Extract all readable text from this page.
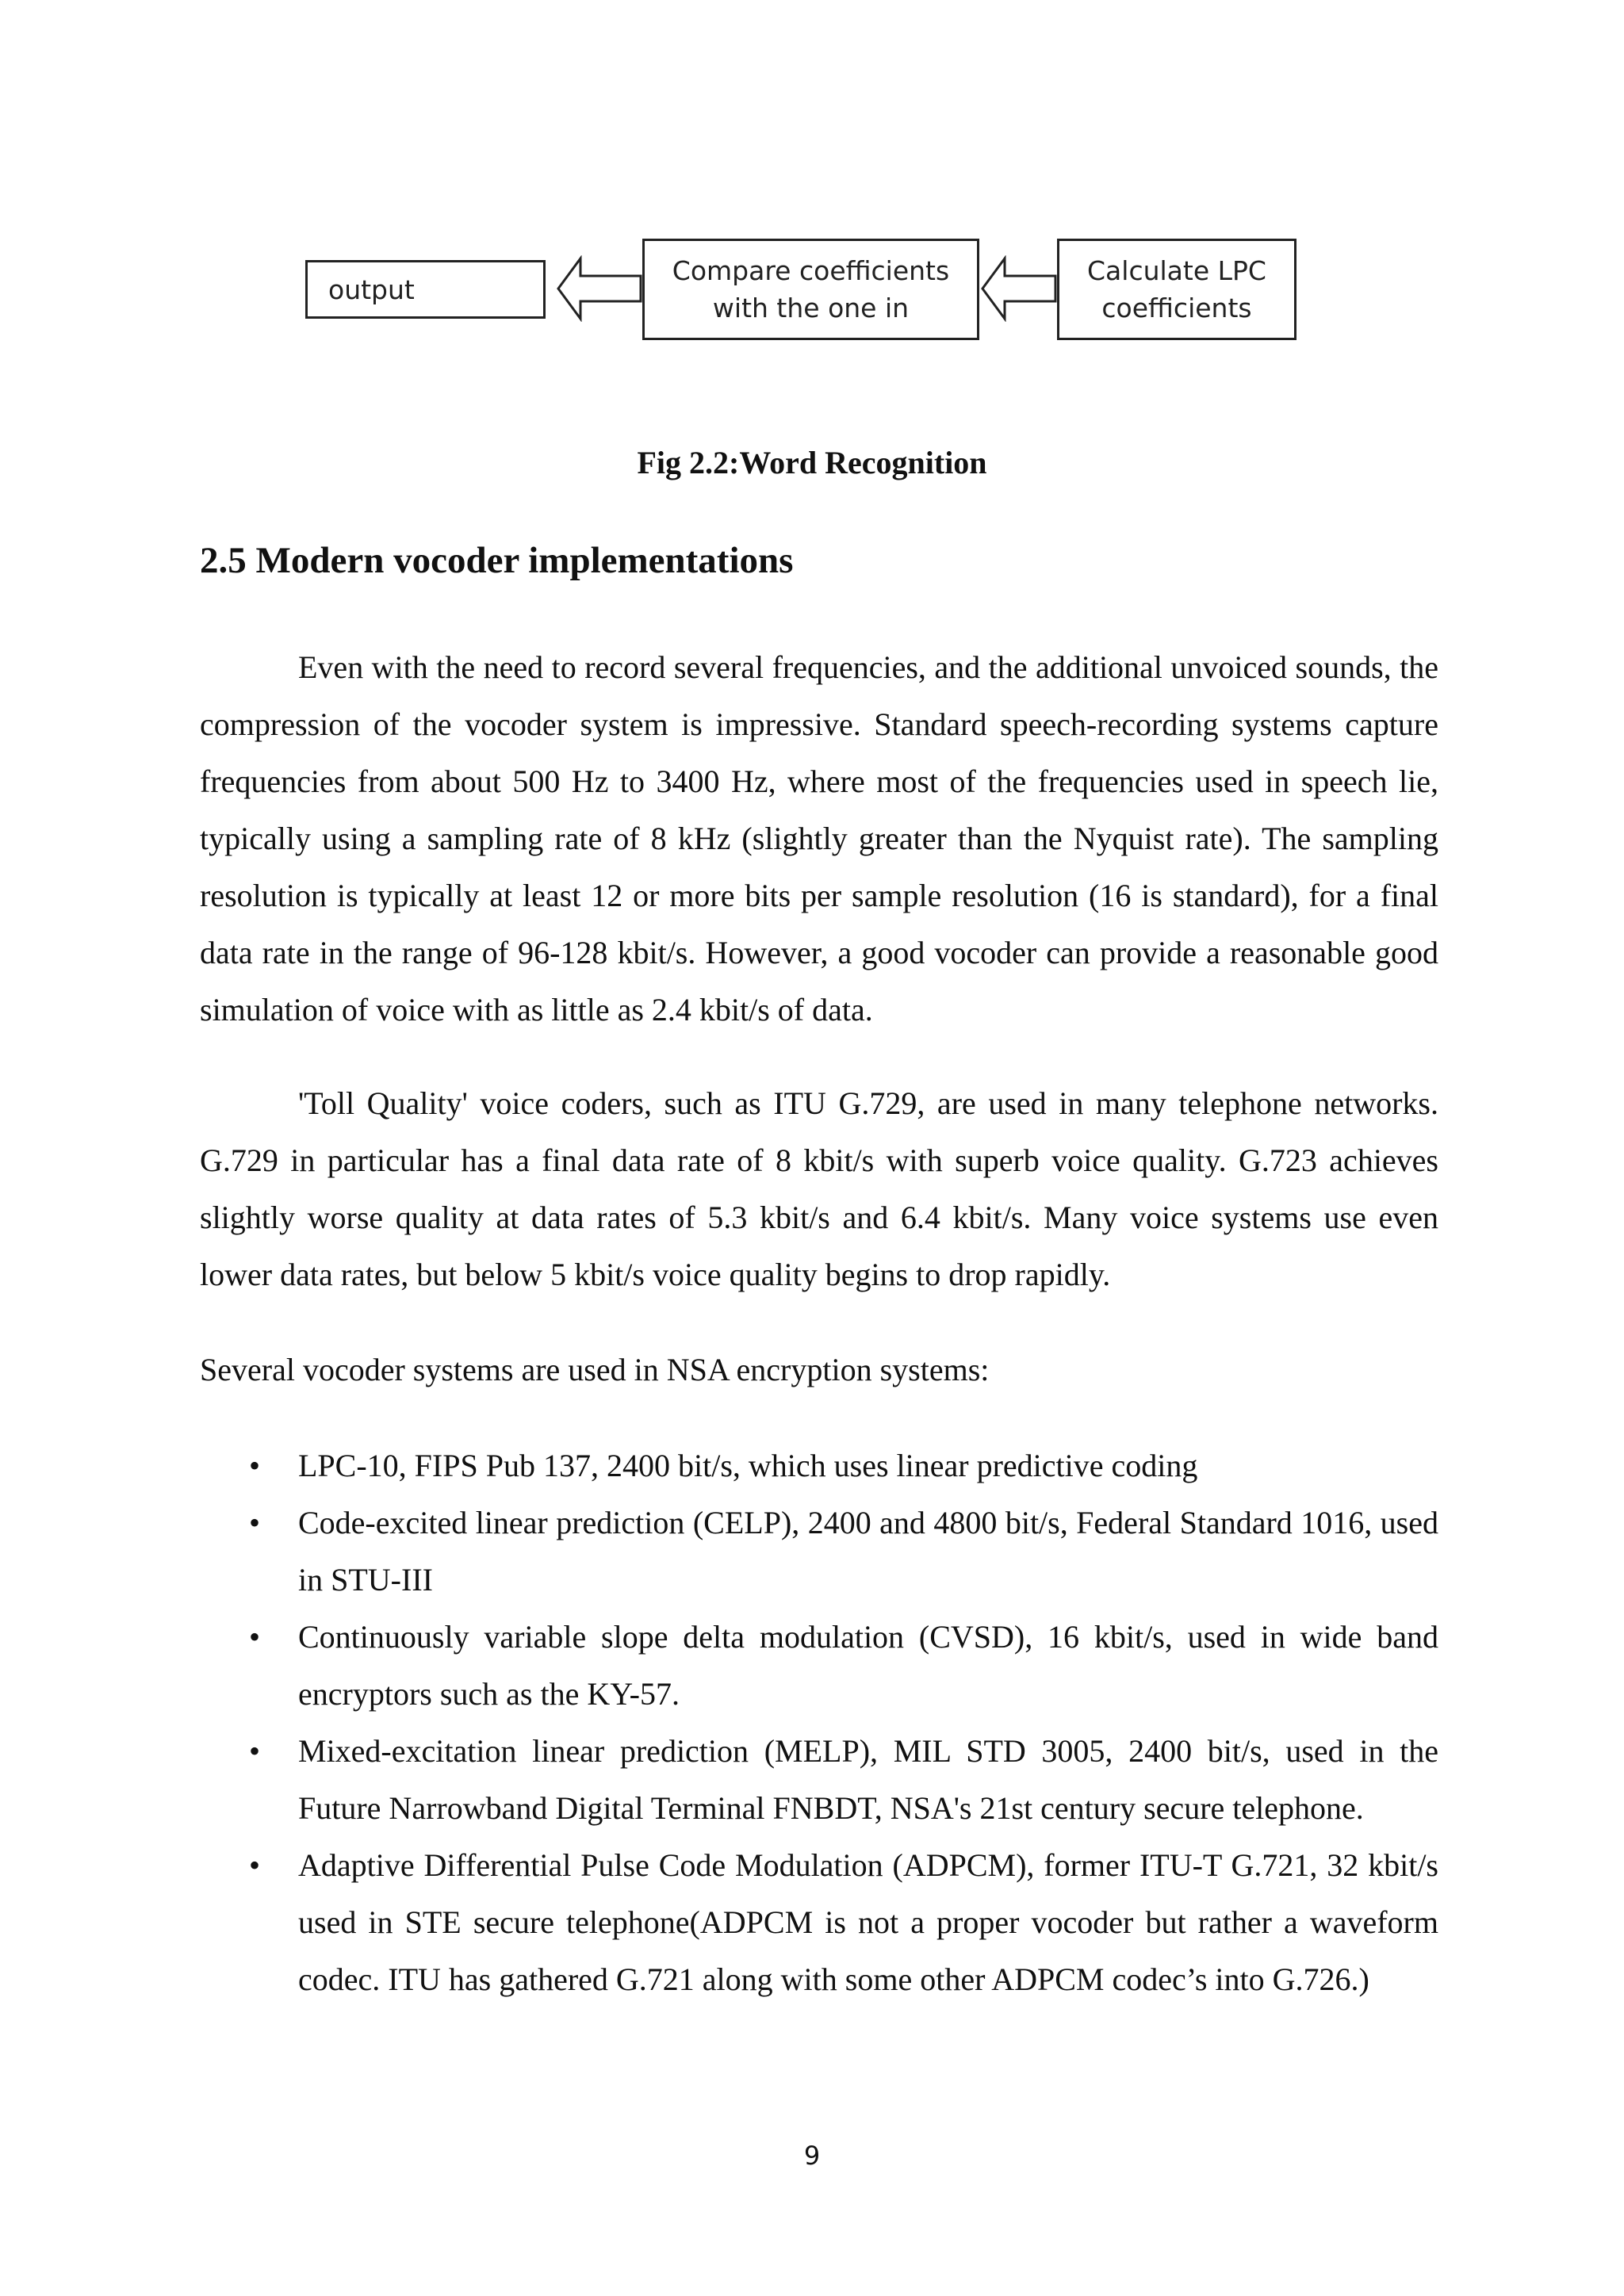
output
Compare coefficients
with the one in
Calculate LPC
coefficients
Fig 2.2:Word Recognition
2.5 Modern vocoder implementations

Even with the need to record several frequencies, and the additional unvoiced sounds, the compression of the vocoder system is impressive. Standard speech-recording systems capture frequencies from about 500 Hz to 3400 Hz, where most of the frequencies used in speech lie, typically using a sampling rate of 8 kHz (slightly greater than the Nyquist rate). The sampling resolution is typically at least 12 or more bits per sample resolution (16 is standard), for a final data rate in the range of 96-128 kbit/s. However, a good vocoder can provide a reasonable good simulation of voice with as little as 2.4 kbit/s of data.

'Toll Quality' voice coders, such as ITU G.729, are used in many telephone networks. G.729 in particular has a final data rate of 8 kbit/s with superb voice quality. G.723 achieves slightly worse quality at data rates of 5.3 kbit/s and 6.4 kbit/s. Many voice systems use even lower data rates, but below 5 kbit/s voice quality begins to drop rapidly.

Several vocoder systems are used in NSA encryption systems:

• LPC-10, FIPS Pub 137, 2400 bit/s, which uses linear predictive coding
• Code-excited linear prediction (CELP), 2400 and 4800 bit/s, Federal Standard 1016, used in STU-III
• Continuously variable slope delta modulation (CVSD), 16 kbit/s, used in wide band encryptors such as the KY-57.
• Mixed-excitation linear prediction (MELP), MIL STD 3005, 2400 bit/s, used in the Future Narrowband Digital Terminal FNBDT, NSA's 21st century secure telephone.
• Adaptive Differential Pulse Code Modulation (ADPCM), former ITU-T G.721, 32 kbit/s used in STE secure telephone(ADPCM is not a proper vocoder but rather a waveform codec. ITU has gathered G.721 along with some other ADPCM codec’s into G.726.)
9
